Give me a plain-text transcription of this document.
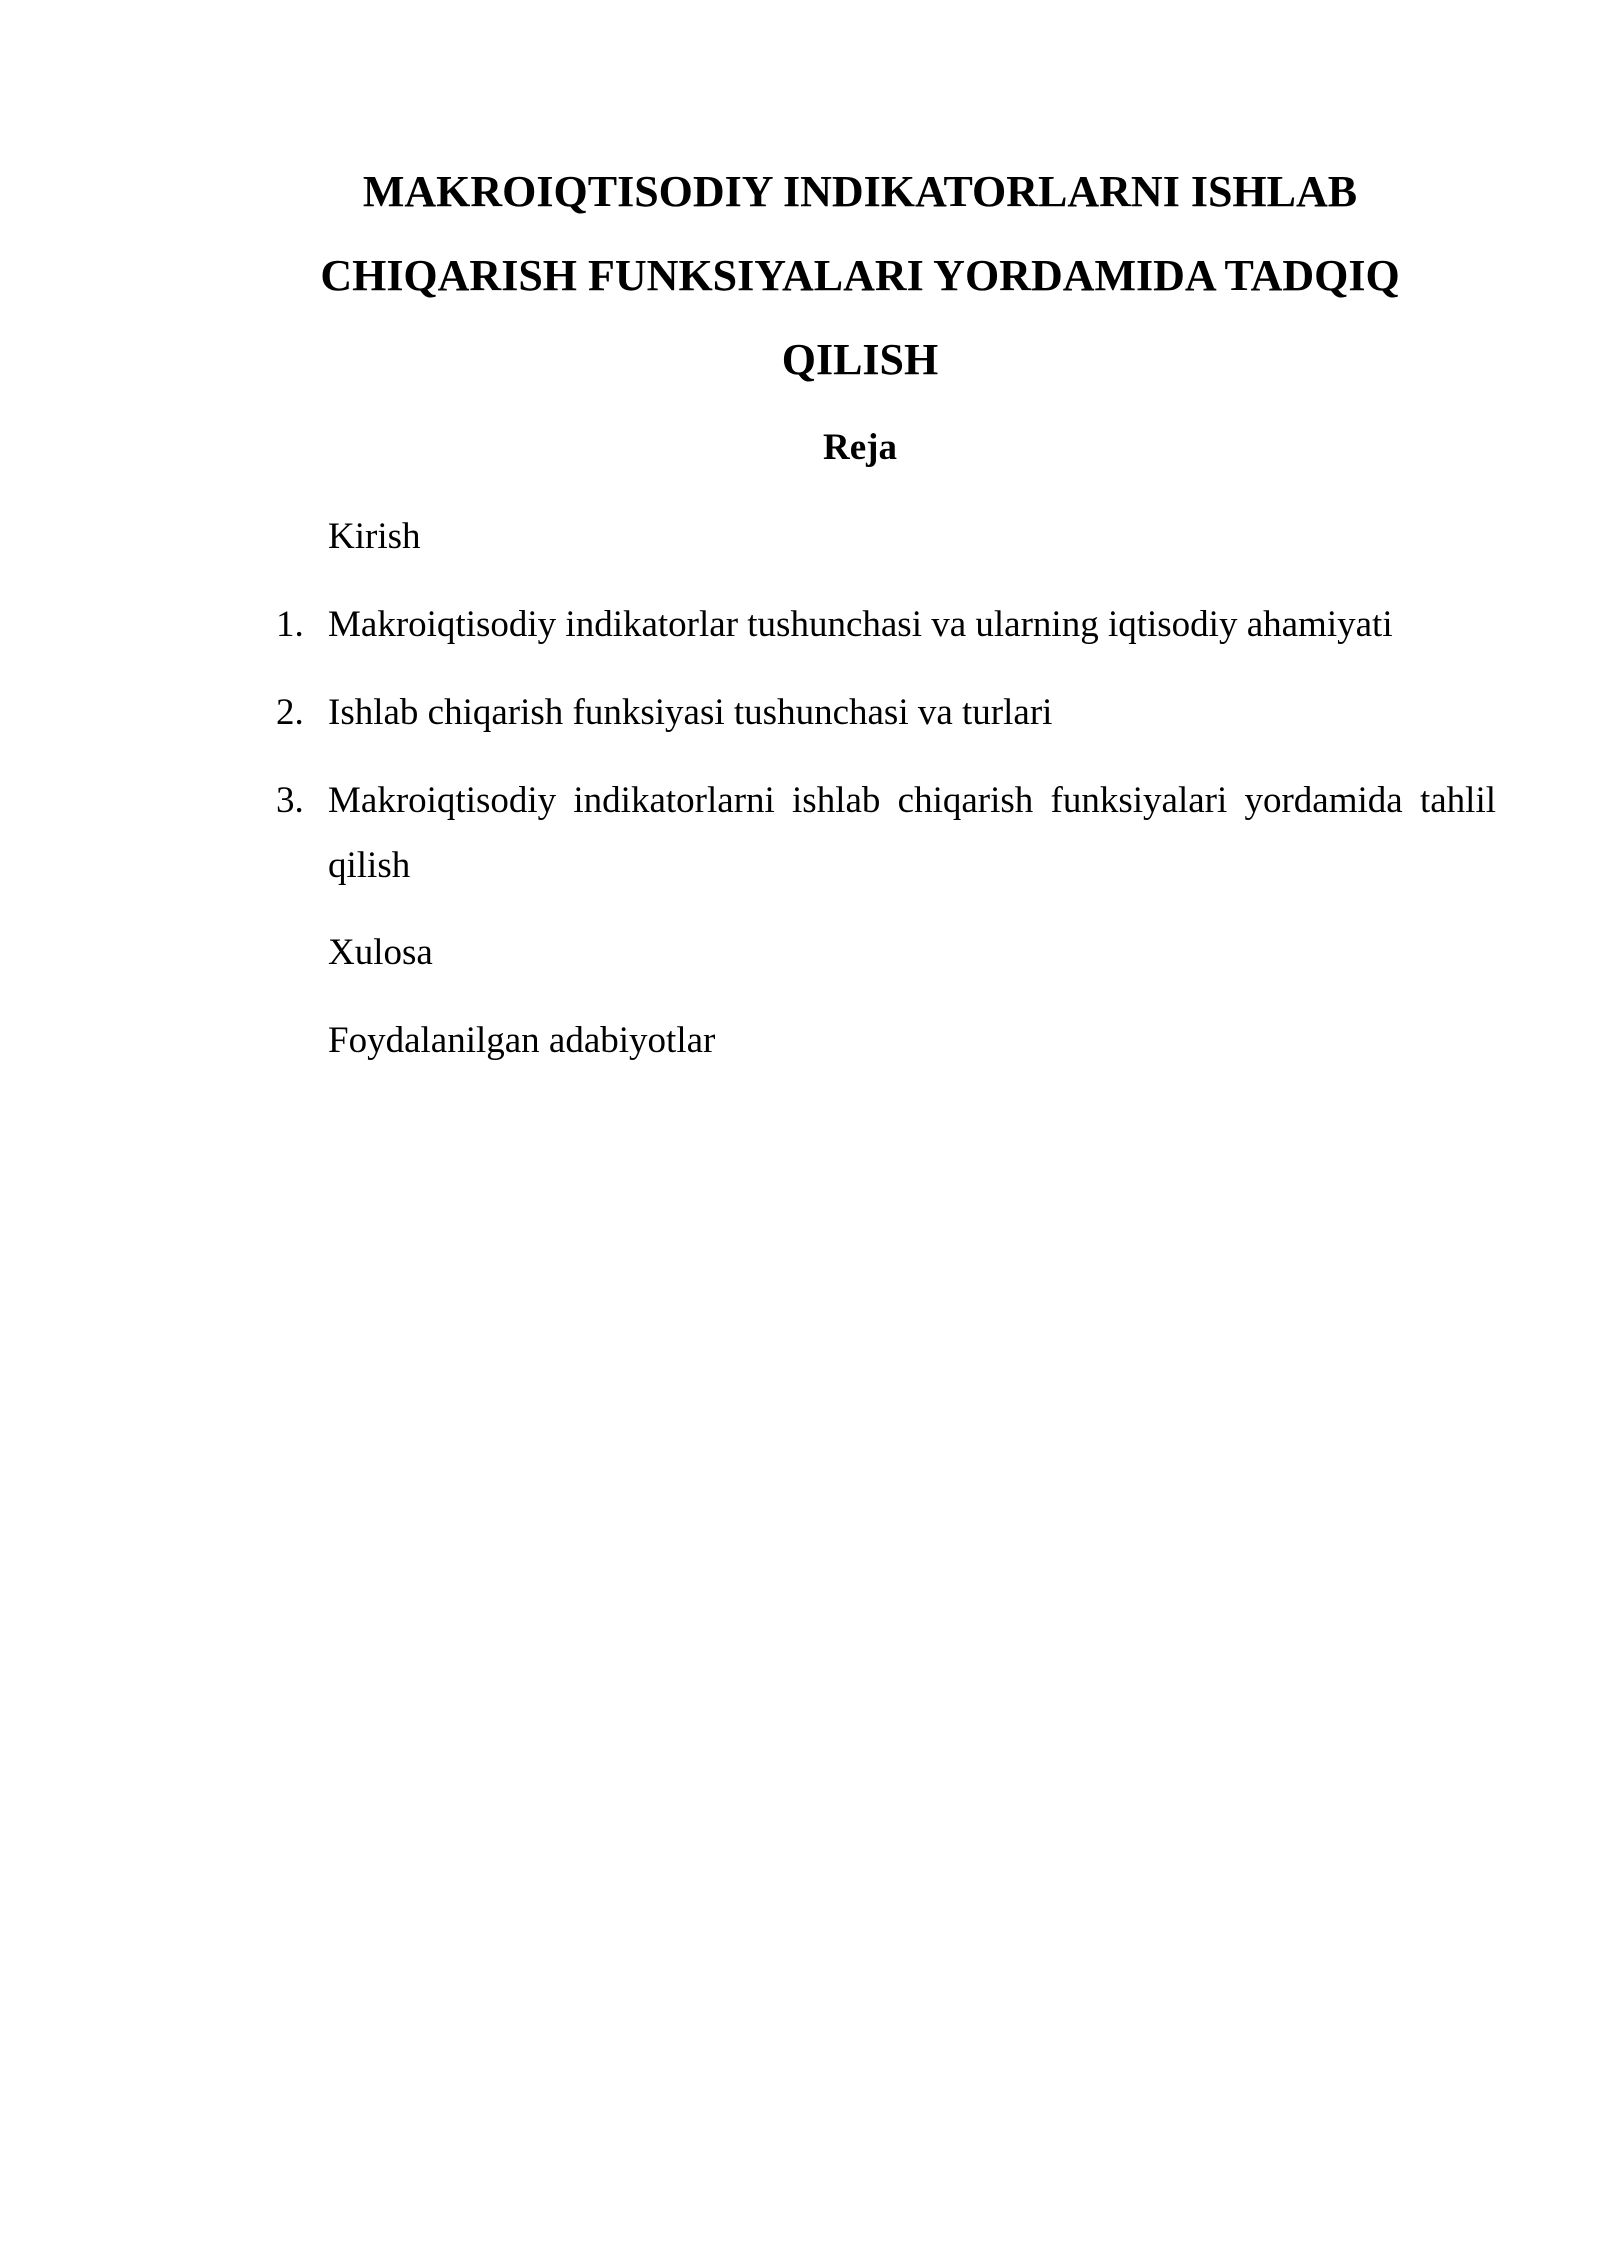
MAKROIQTISODIY INDIKATORLARNI ISHLAB
CHIQARISH FUNKSIYALARI YORDAMIDA TADQIQ
QILISH
Reja

Kirish

1. Makroiqtisodiy indikatorlar tushunchasi va ularning iqtisodiy ahamiyati

2. Ishlab chiqarish funksiyasi tushunchasi va turlari

3. Makroiqtisodiy indikatorlarni ishlab chiqarish funksiyalari yordamida tahlil qilish

Xulosa

Foydalanilgan adabiyotlar
